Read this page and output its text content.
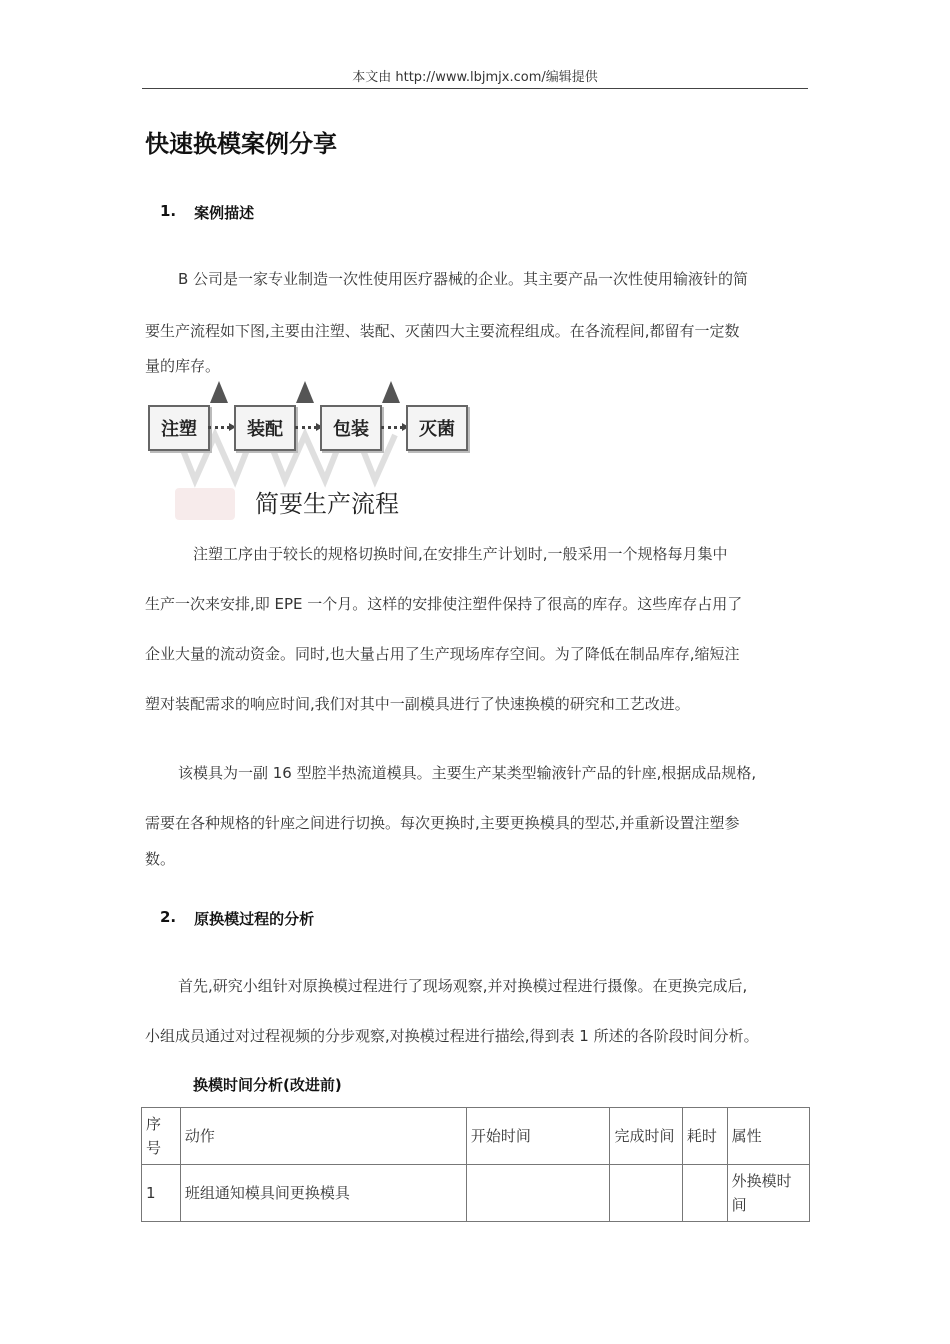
本文由 http://www.lbjmjx.com/编辑提供
快速换模案例分享
1. 案例描述
B 公司是一家专业制造一次性使用医疗器械的企业。其主要产品一次性使用输液针的简
要生产流程如下图,主要由注塑、装配、灭菌四大主要流程组成。在各流程间,都留有一定数
量的库存。
注塑	装配	包装	灭菌
简要生产流程
注塑工序由于较长的规格切换时间,在安排生产计划时,一般采用一个规格每月集中
生产一次来安排,即 EPE 一个月。这样的安排使注塑件保持了很高的库存。这些库存占用了
企业大量的流动资金。同时,也大量占用了生产现场库存空间。为了降低在制品库存,缩短注
塑对装配需求的响应时间,我们对其中一副模具进行了快速换模的研究和工艺改进。
该模具为一副 16 型腔半热流道模具。主要生产某类型输液针产品的针座,根据成品规格,
需要在各种规格的针座之间进行切换。每次更换时,主要更换模具的型芯,并重新设置注塑参
数。
2. 原换模过程的分析
首先,研究小组针对原换模过程进行了现场观察,并对换模过程进行摄像。在更换完成后,
小组成员通过对过程视频的分步观察,对换模过程进行描绘,得到表 1 所述的各阶段时间分析。
换模时间分析(改进前)
序号	动作	开始时间	完成时间	耗时	属性
1	班组通知模具间更换模具				外换模时间
